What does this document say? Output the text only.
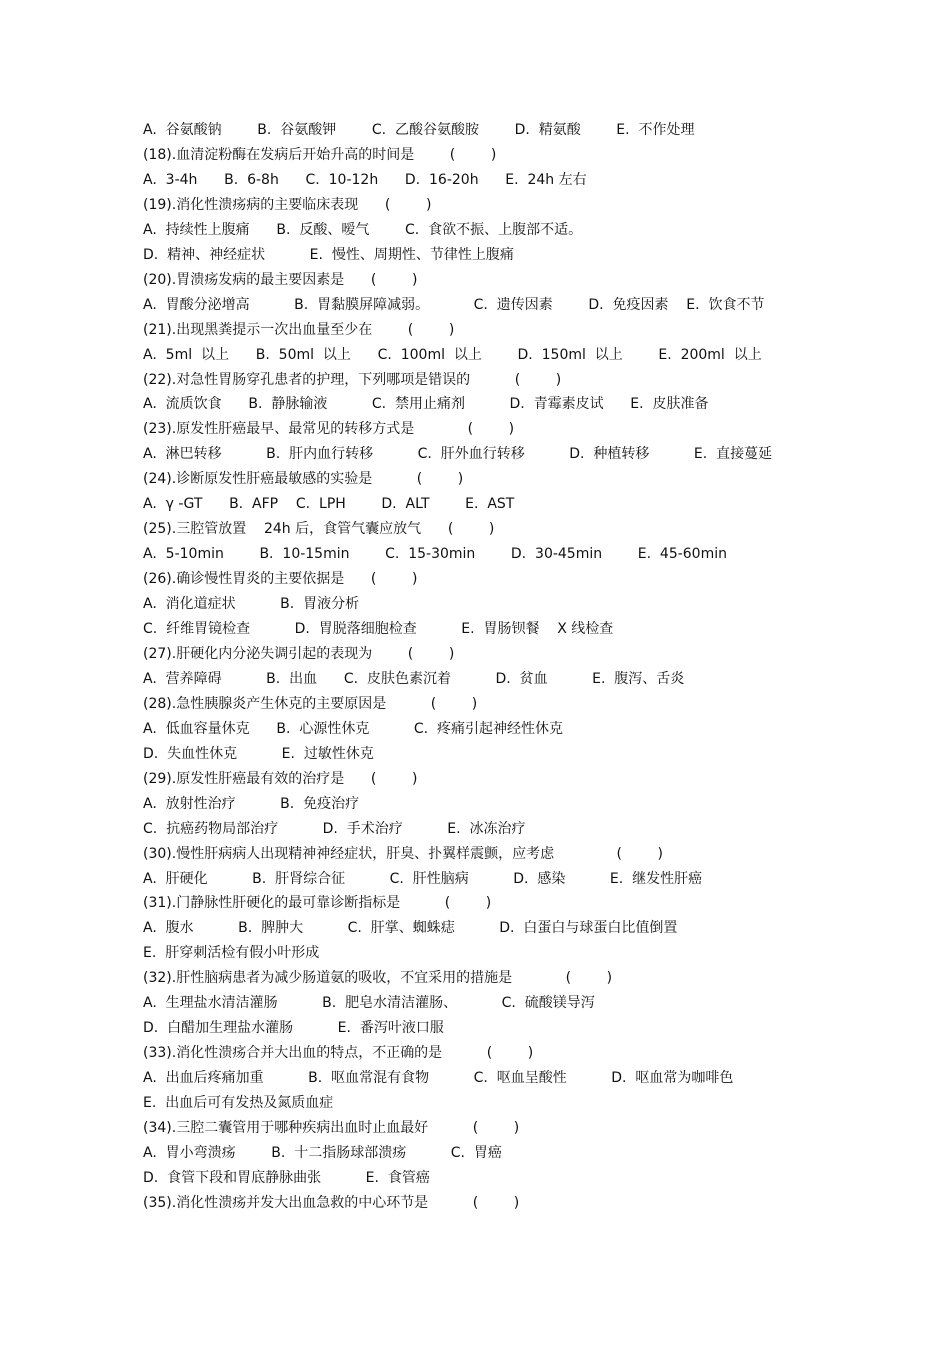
A.  谷氨酸钠        B.  谷氨酸钾        C.  乙酸谷氨酸胺        D.  精氨酸        E.  不作处理
(18).血清淀粉酶在发病后开始升高的时间是        (        )
A.  3-4h      B.  6-8h      C.  10-12h      D.  16-20h      E.  24h 左右
(19).消化性溃疡病的主要临床表现      (        )
A.  持续性上腹痛      B.  反酸、嗳气        C.  食欲不振、上腹部不适。
D.  精神、神经症状          E.  慢性、周期性、节律性上腹痛
(20).胃溃疡发病的最主要因素是      (        )
A.  胃酸分泌增高          B.  胃黏膜屏障减弱。          C.  遗传因素        D.  免疫因素    E.  饮食不节
(21).出现黑粪提示一次出血量至少在        (        )
A.  5ml  以上      B.  50ml  以上      C.  100ml  以上        D.  150ml  以上        E.  200ml  以上
(22).对急性胃肠穿孔患者的护理，下列哪项是错误的          (        )
A.  流质饮食      B.  静脉输液          C.  禁用止痛剂          D.  青霉素皮试      E.  皮肤准备
(23).原发性肝癌最早、最常见的转移方式是            (        )
A.  淋巴转移          B.  肝内血行转移          C.  肝外血行转移          D.  种植转移          E.  直接蔓延
(24).诊断原发性肝癌最敏感的实验是          (        )
A.  γ -GT      B.  AFP    C.  LPH        D.  ALT        E.  AST
(25).三腔管放置    24h 后，食管气囊应放气      (        )
A.  5-10min        B.  10-15min        C.  15-30min        D.  30-45min        E.  45-60min
(26).确诊慢性胃炎的主要依据是      (        )
A.  消化道症状          B.  胃液分析
C.  纤维胃镜检查          D.  胃脱落细胞检查          E.  胃肠钡餐    X 线检查
(27).肝硬化内分泌失调引起的表现为        (        )
A.  营养障碍          B.  出血      C.  皮肤色素沉着          D.  贫血          E.  腹泻、舌炎
(28).急性胰腺炎产生休克的主要原因是          (        )
A.  低血容量休克      B.  心源性休克          C.  疼痛引起神经性休克
D.  失血性休克          E.  过敏性休克
(29).原发性肝癌最有效的治疗是      (        )
A.  放射性治疗          B.  免疫治疗
C.  抗癌药物局部治疗          D.  手术治疗          E.  冰冻治疗
(30).慢性肝病病人出现精神神经症状，肝臭、扑翼样震颤，应考虑              (        )
A.  肝硬化          B.  肝肾综合征          C.  肝性脑病          D.  感染          E.  继发性肝癌
(31).门静脉性肝硬化的最可靠诊断指标是          (        )
A.  腹水          B.  脾肿大          C.  肝掌、蜘蛛痣          D.  白蛋白与球蛋白比值倒置
E.  肝穿刺活检有假小叶形成
(32).肝性脑病患者为减少肠道氨的吸收，不宜采用的措施是            (        )
A.  生理盐水清洁灌肠          B.  肥皂水清洁灌肠、          C.  硫酸镁导泻
D.  白醋加生理盐水灌肠          E.  番泻叶液口服
(33).消化性溃疡合并大出血的特点，不正确的是          (        )
A.  出血后疼痛加重          B.  呕血常混有食物          C.  呕血呈酸性          D.  呕血常为咖啡色
E.  出血后可有发热及氮质血症
(34).三腔二囊管用于哪种疾病出血时止血最好          (        )
A.  胃小弯溃疡        B.  十二指肠球部溃疡          C.  胃癌
D.  食管下段和胃底静脉曲张          E.  食管癌
(35).消化性溃疡并发大出血急救的中心环节是          (        )
